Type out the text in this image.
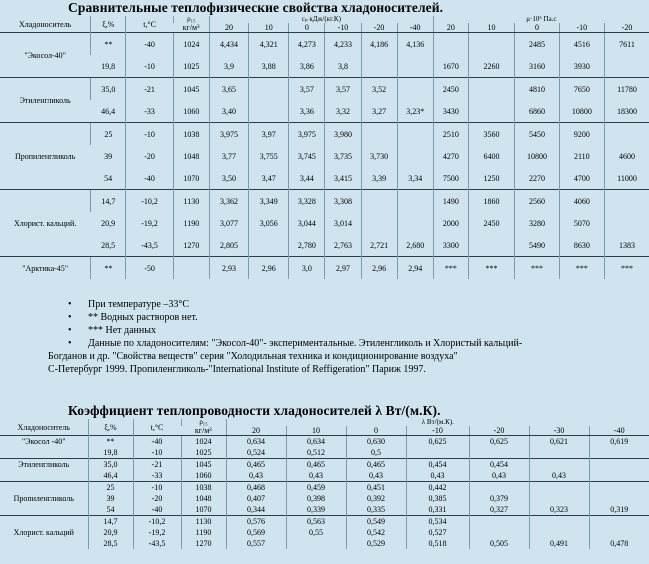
Сравнительные теплофизические свойства хладоносителей.
Хладоноситель	ξ,%	t,°C	ρ₁₅	cₚ кДж/(кг.К)						μ·10⁶ Па.с				
			кг/м³	20	10	0	-10	-20	-40	20	10	0	-10	-20
"Экосол-40"	**	-40	1024	4,434	4,321	4,273	4,233	4,186	4,136			2485	4516	7611
	19,8	-10	1025	3,9	3,88	3,86	3,8			1670	2260	3160	3930	
Этиленгликоль	35,0	-21	1045	3,65		3,57	3,57	3,52		2450		4810	7650	11780
	46,4	-33	1060	3,40		3,36	3,32	3,27	3,23*	3430		6860	10800	18300
Пропиленгликоль	25	-10	1038	3,975	3,97	3,975	3,980			2510	3560	5450	9200	
	39	-20	1048	3,77	3,755	3,745	3,735	3,730		4270	6400	10800	2110	4600
	54	-40	1070	3,50	3,47	3,44	3,415	3,39	3,34	7500	1250	2270	4700	11000
Хлорист. кальций.	14,7	-10,2	1130	3,362	3,349	3,328	3,308			1490	1860	2560	4060	
	20,9	-19,2	1190	3,077	3,056	3,044	3,014			2000	2450	3280	5070	
	28,5	-43,5	1270	2,805		2,780	2,763	2,721	2,680	3300		5490	8630	1383
"Арктика-45"	**	-50		2,93	2,96	3,0	2,97	2,96	2,94	***	***	***	***	***
• При температуре –33°С
• ** Водных растворов нет.
• *** Нет данных
• Данные по хладоносителям: "Экосол-40"- экспериментальные. Этиленгликоль и Хлористый кальций-
Богданов и др. "Свойства веществ" серия "Холодильная техника и кондиционирование воздуха"
С-Петербург 1999. Пропиленгликоль-"International Institute of Reffigeration" Париж 1997.
Коэффициент теплопроводности хладоносителей λ Вт/(м.К).
Хладоноситель	ξ,%	t,°C	ρ₁₅	λ Вт/(м.К).						
			кг/м³	20	10	0	-10	-20	-30	-40
"Экосол -40"	**	-40	1024	0,634	0,634	0,630	0,625	0,625	0,621	0,619
	19,8	-10	1025	0,524	0,512	0,5				
Этиленгликоль	35,0	-21	1045	0,465	0,465	0,465	0,454	0,454		
	46,4	-33	1060	0,43	0,43	0,43	0,43	0,43	0,43	
	25	-10	1038	0,468	0,459	0,451	0,442			
Пропиленгликоль	39	-20	1048	0,407	0,398	0,392	0,385	0,379		
	54	-40	1070	0,344	0,339	0,335	0,331	0,327	0,323	0,319
	14,7	-10,2	1130	0,576	0,563	0,549	0,534			
Хлорист. кальций	20,9	-19,2	1190	0,569	0,55	0,542	0,527			
	28,5	-43,5	1270	0,557		0,529	0,518	0,505	0,491	0,478
